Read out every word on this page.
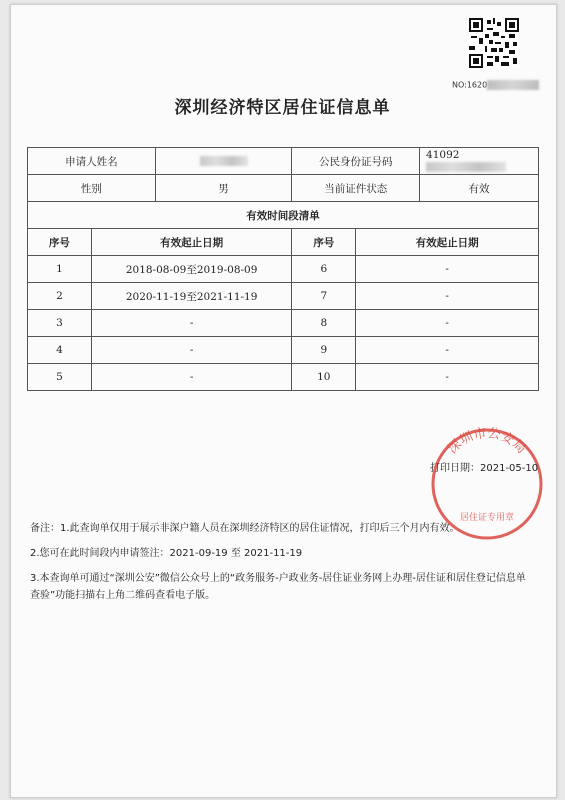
NO:1620
深圳经济特区居住证信息单
申请人姓名			公民身份证号码		41092
性别		男	当前证件状态		有效
有效时间段清单					
序号	有效起止日期		序号	有效起止日期	
1	2018-08-09至2019-08-09		6	-	
2	2020-11-19至2021-11-19		7	-	
3	-		8	-	
4	-		9	-	
5	-		10	-	
深圳市公安局
居住证专用章
打印日期：2021-05-10

备注：1.此查询单仅用于展示非深户籍人员在深圳经济特区的居住证情况，打印后三个月内有效。

2.您可在此时间段内申请签注：2021-09-19 至 2021-11-19

3.本查询单可通过“深圳公安”微信公众号上的“政务服务-户政业务-居住证业务网上办理-居住证和居住登记信息单查验”功能扫描右上角二维码查看电子版。
